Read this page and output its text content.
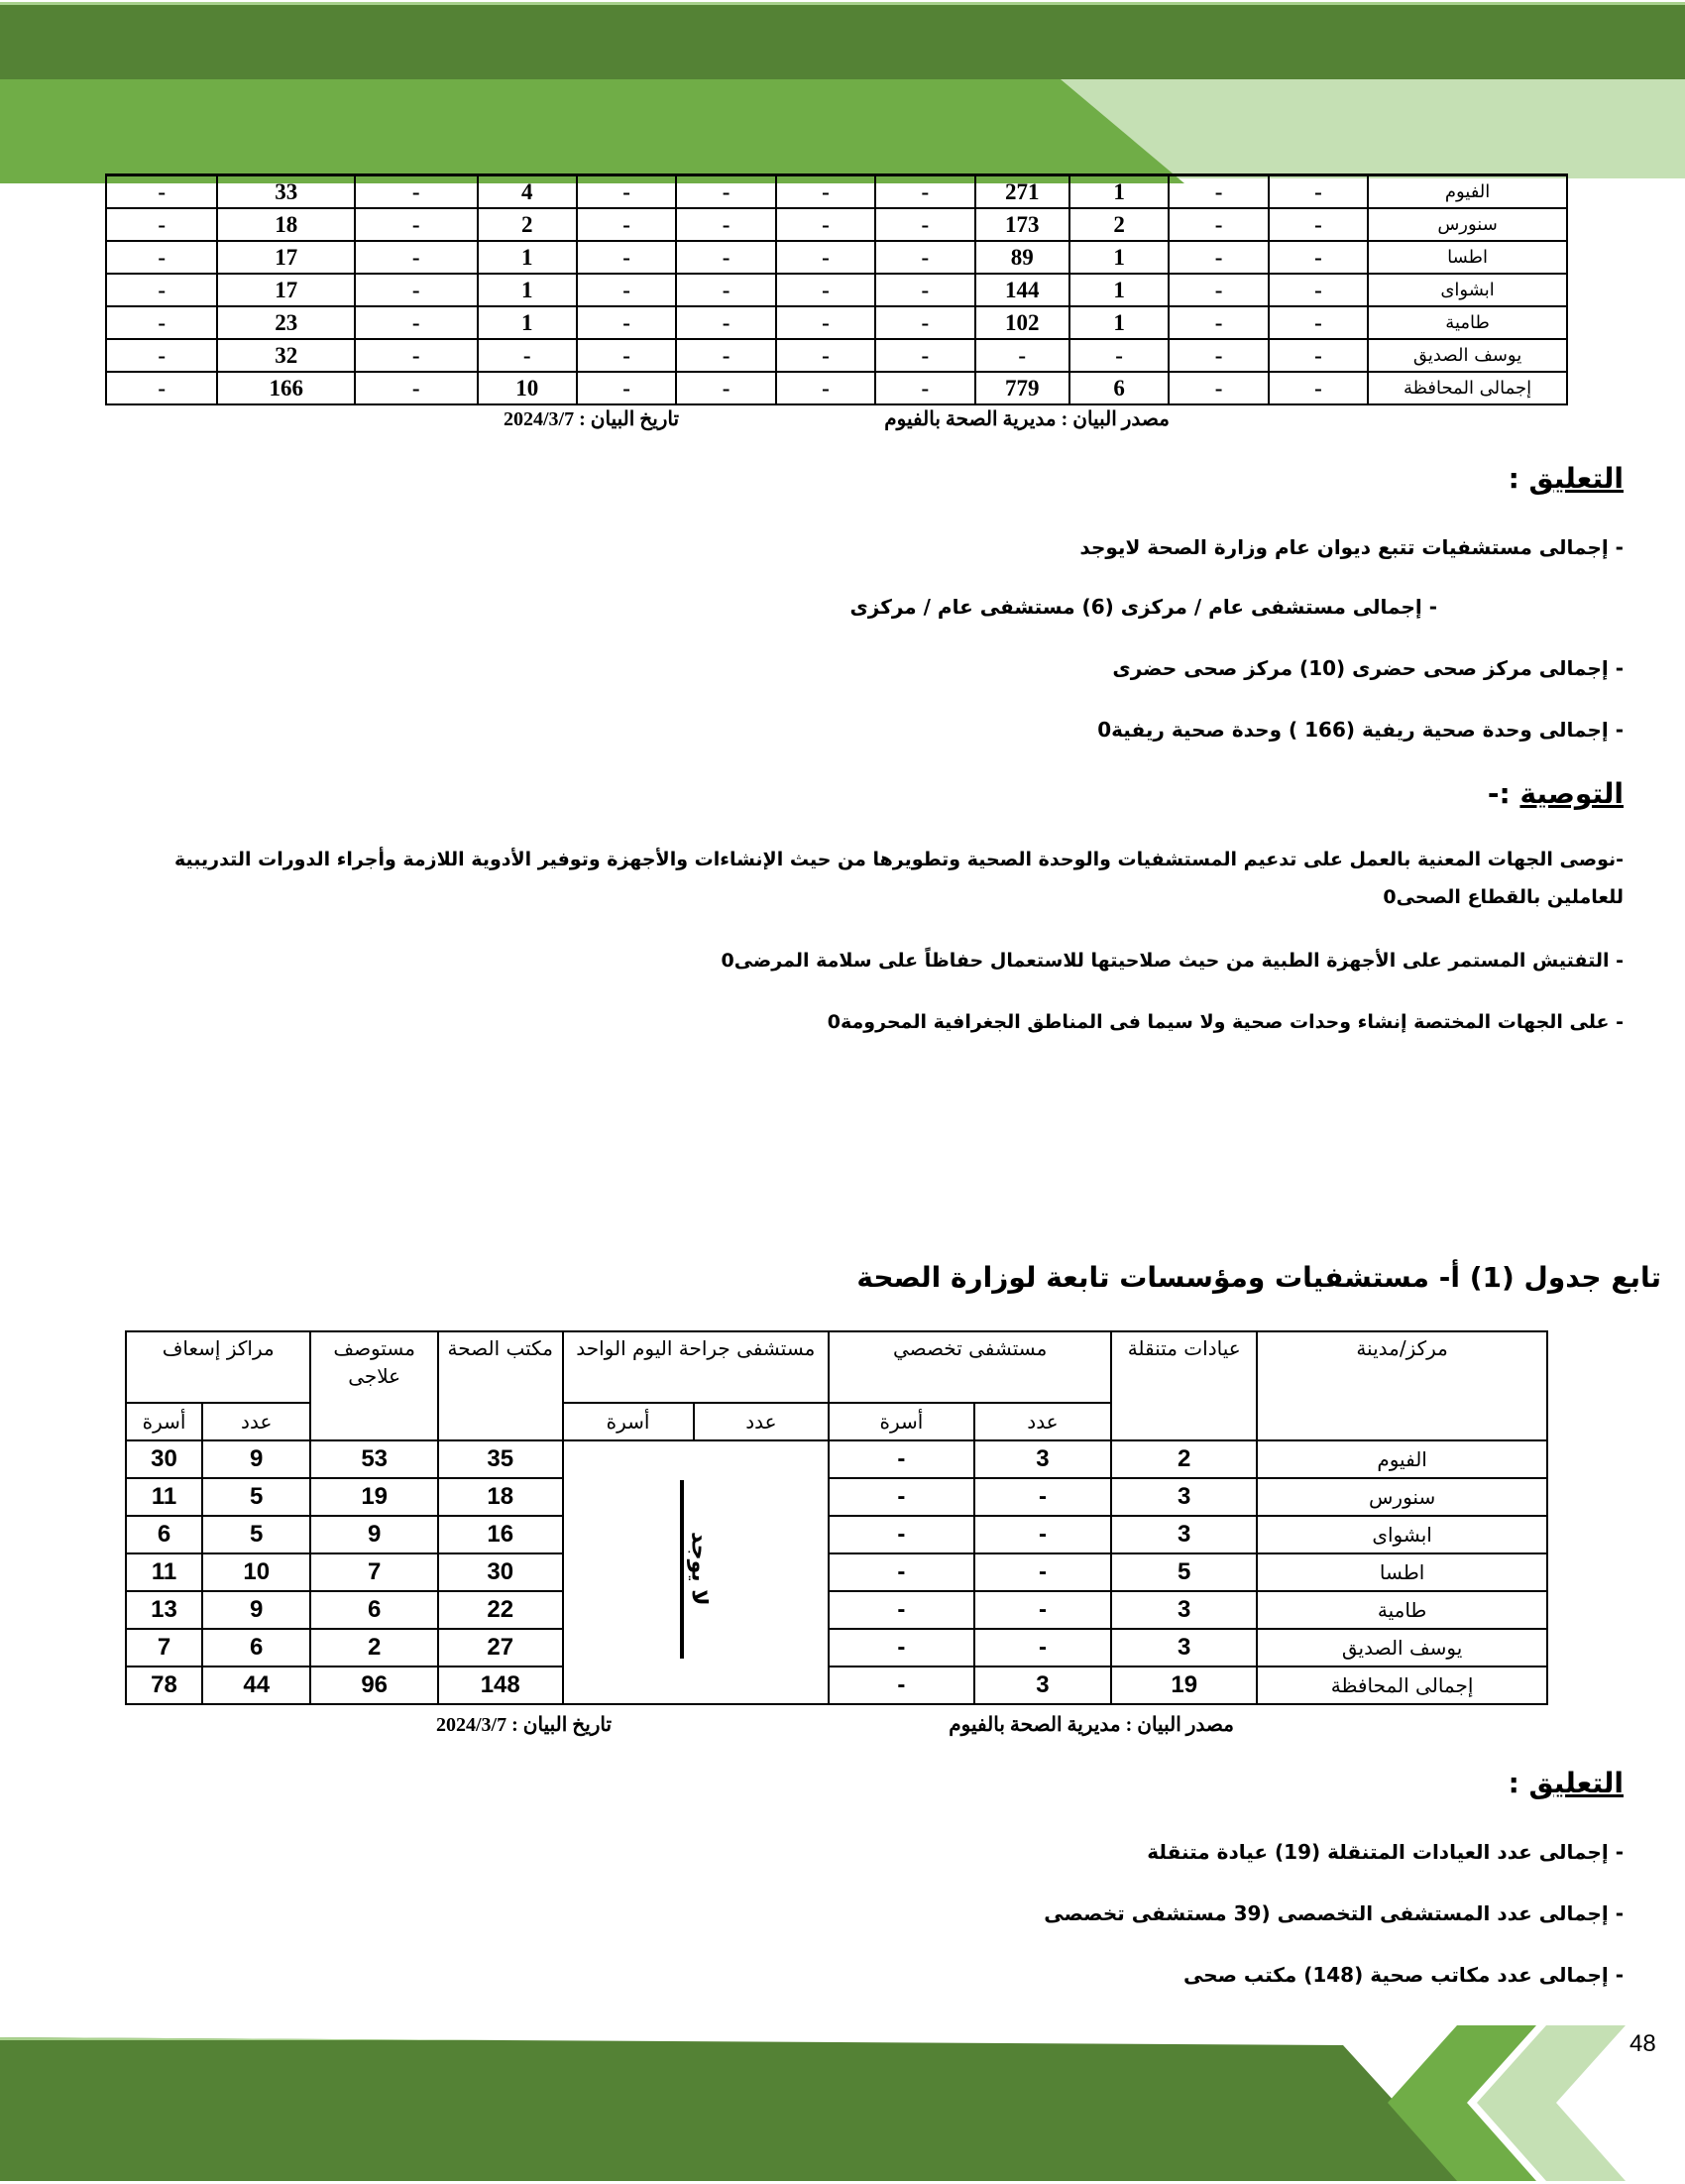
-	33	-	4	-	-	-	-	271	1	-	-	الفيوم
-	18	-	2	-	-	-	-	173	2	-	-	سنورس
-	17	-	1	-	-	-	-	89	1	-	-	اطسا
-	17	-	1	-	-	-	-	144	1	-	-	ابشواى
-	23	-	1	-	-	-	-	102	1	-	-	طامية
-	32	-	-	-	-	-	-	-	-	-	-	يوسف الصديق
-	166	-	10	-	-	-	-	779	6	-	-	إجمالى المحافظة
مصدر البيان : مديرية الصحة بالفيوم
تاريخ البيان : 2024/3/7
التعليق :
- إجمالى مستشفيات تتبع ديوان عام وزارة الصحة لايوجد
- إجمالى مستشفى عام / مركزى (6) مستشفى عام / مركزى
- إجمالى مركز صحى حضرى (10) مركز صحى حضرى
- إجمالى وحدة صحية ريفية (166 ) وحدة صحية ريفية0
التوصية :-
-نوصى الجهات المعنية بالعمل على تدعيم المستشفيات والوحدة الصحية وتطويرها من حيث الإنشاءات والأجهزة وتوفير الأدوية اللازمة وأجراء الدورات التدريبية
للعاملين بالقطاع الصحى0
- التفتيش المستمر على الأجهزة الطبية من حيث صلاحيتها للاستعمال حفاظاً على سلامة المرضى0
- على الجهات المختصة إنشاء وحدات صحية ولا سيما فى المناطق الجغرافية المحرومة0
تابع جدول (1) أ- مستشفيات ومؤسسات تابعة لوزارة الصحة
مركز/مدينة	عيادات متنقلة	مستشفى تخصصي		مستشفى جراحة اليوم الواحد		مكتب الصحة	مستوصف علاجى	مراكز إسعاف	
		عدد	أسرة	عدد	أسرة			عدد	أسرة
الفيوم	2	3	-	لا يوجد		35	53	9	30
سنورس	3	-	-			18	19	5	11
ابشواى	3	-	-			16	9	5	6
اطسا	5	-	-			30	7	10	11
طامية	3	-	-			22	6	9	13
يوسف الصديق	3	-	-			27	2	6	7
إجمالى المحافظة	19	3	-			148	96	44	78
مصدر البيان : مديرية الصحة بالفيوم
تاريخ البيان : 2024/3/7
التعليق :
- إجمالى عدد العيادات المتنقلة (19) عيادة متنقلة
- إجمالى عدد المستشفى التخصصى (39 مستشفى تخصصى
- إجمالى عدد مكاتب صحية (148) مكتب صحى
48
